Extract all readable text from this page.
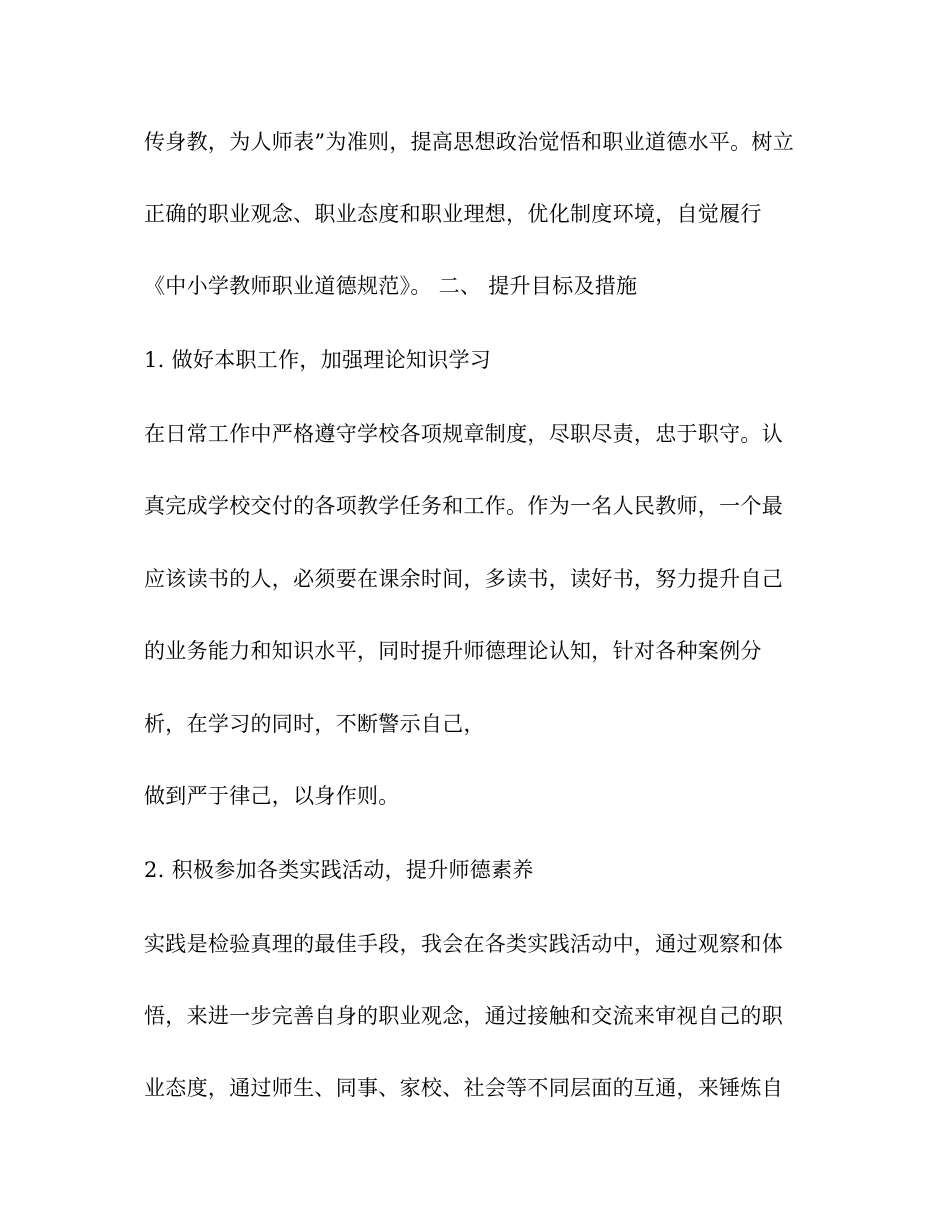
传身教，为人师表”为准则，提高思想政治觉悟和职业道德水平。树立
正确的职业观念、职业态度和职业理想，优化制度环境，自觉履行
《中小学教师职业道德规范》。 二、 提升目标及措施
1. 做好本职工作，加强理论知识学习
在日常工作中严格遵守学校各项规章制度，尽职尽责，忠于职守。认
真完成学校交付的各项教学任务和工作。作为一名人民教师，一个最
应该读书的人，必须要在课余时间，多读书，读好书，努力提升自己
的业务能力和知识水平，同时提升师德理论认知，针对各种案例分
析，在学习的同时，不断警示自己，
做到严于律己，以身作则。
2. 积极参加各类实践活动，提升师德素养
实践是检验真理的最佳手段，我会在各类实践活动中，通过观察和体
悟，来进一步完善自身的职业观念，通过接触和交流来审视自己的职
业态度，通过师生、同事、家校、社会等不同层面的互通，来锤炼自
